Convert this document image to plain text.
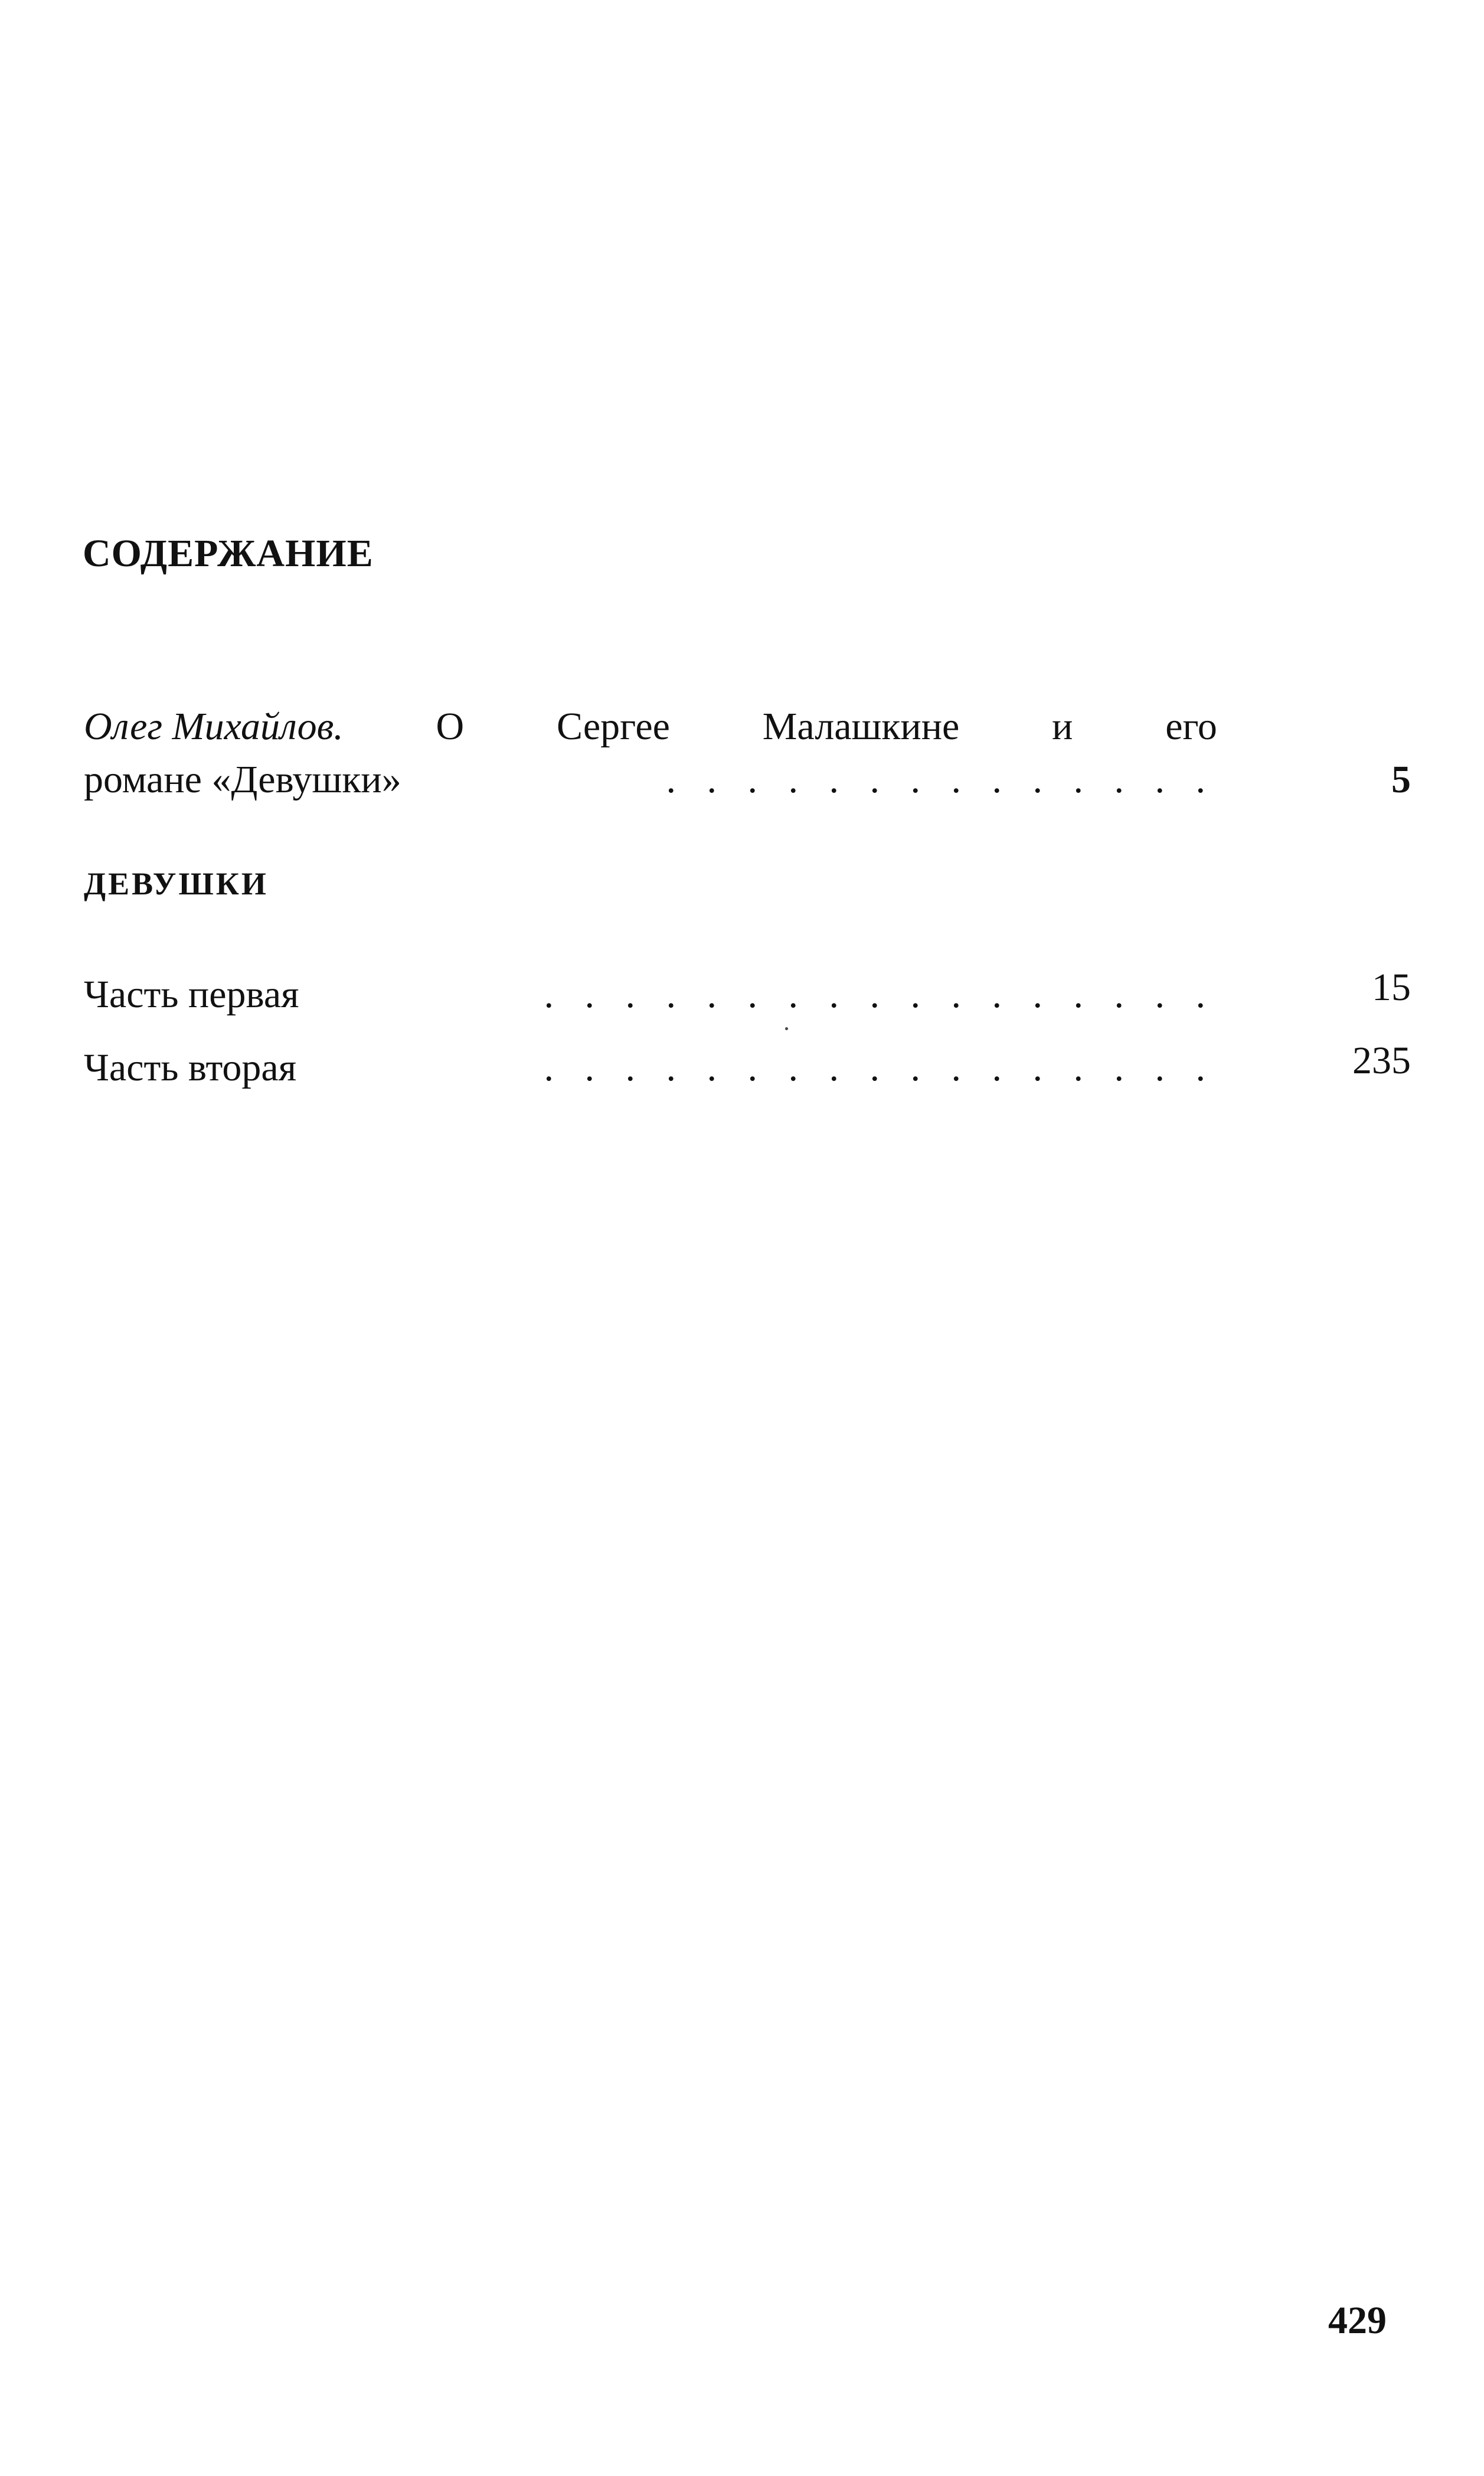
СОДЕРЖАНИЕ
Олег Михайлов. О Сергее Малашкине и его
романе «Девушки»	. . . . . . . . . . . . . .	5
ДЕВУШКИ
Часть первая	. . . . . . . . . . . . . . . . .	15
Часть вторая	. . . . . . . . . . . . . . . . .	235
429
